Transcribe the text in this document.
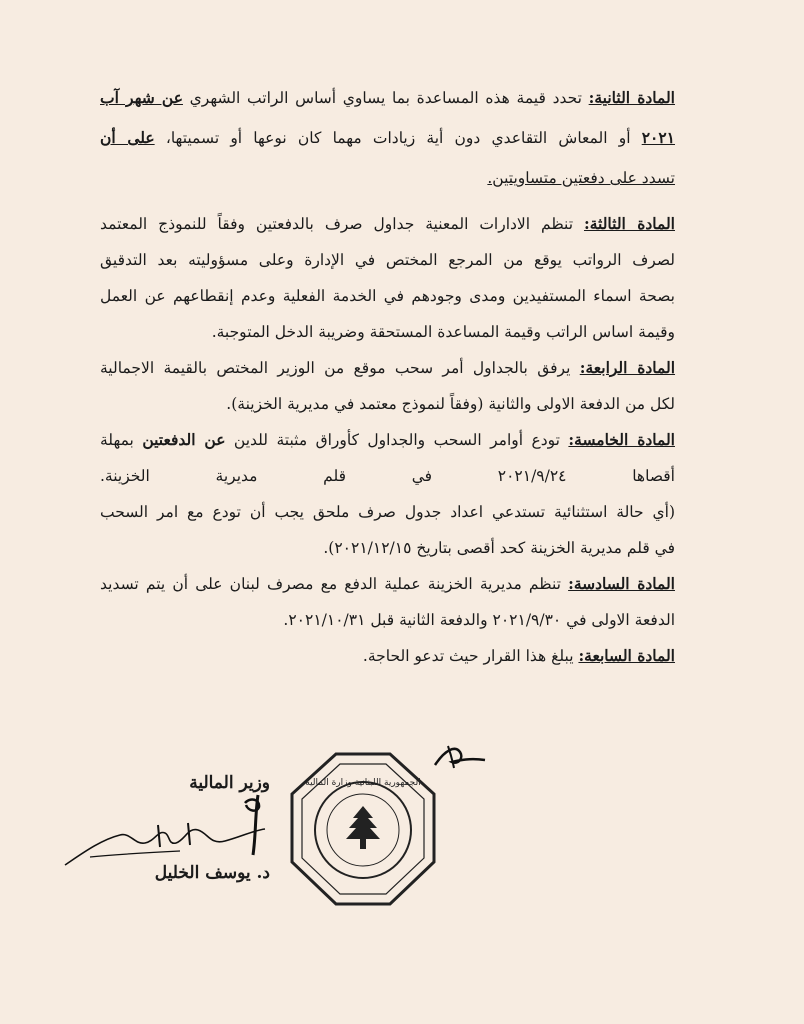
المادة الثانية: تحدد قيمة هذه المساعدة بما يساوي أساس الراتب الشهري عن شهر آب
٢٠٢١ أو المعاش التقاعدي دون أية زيادات مهما كان نوعها أو تسميتها، على أن
تسدد على دفعتين متساويتين.
المادة الثالثة: تنظم الادارات المعنية جداول صرف بالدفعتين وفقاً للنموذج المعتمد
لصرف الرواتب يوقع من المرجع المختص في الإدارة وعلى مسؤوليته بعد التدقيق
بصحة اسماء المستفيدين ومدى وجودهم في الخدمة الفعلية وعدم إنقطاعهم عن العمل
وقيمة اساس الراتب وقيمة المساعدة المستحقة وضريبة الدخل المتوجبة.
المادة الرابعة: يرفق بالجداول أمر سحب موقع من الوزير المختص بالقيمة الاجمالية
لكل من الدفعة الاولى والثانية (وفقاً لنموذج معتمد في مديرية الخزينة).
المادة الخامسة: تودع أوامر السحب والجداول كأوراق مثبتة للدين عن الدفعتين بمهلة
أقصاها ٢٠٢١/٩/٢٤ في قلم مديرية الخزينة.
(أي حالة استثنائية تستدعي اعداد جدول صرف ملحق يجب أن تودع مع امر السحب
في قلم مديرية الخزينة كحد أقصى بتاريخ ٢٠٢١/١٢/١٥).
المادة السادسة: تنظم مديرية الخزينة عملية الدفع مع مصرف لبنان على أن يتم تسديد
الدفعة الاولى في ٢٠٢١/٩/٣٠ والدفعة الثانية قبل ٢٠٢١/١٠/٣١.
المادة السابعة: يبلغ هذا القرار حيث تدعو الحاجة.
وزير المالية
د. يوسف الخليل
الجمهورية اللبنانية وزارة المالية
